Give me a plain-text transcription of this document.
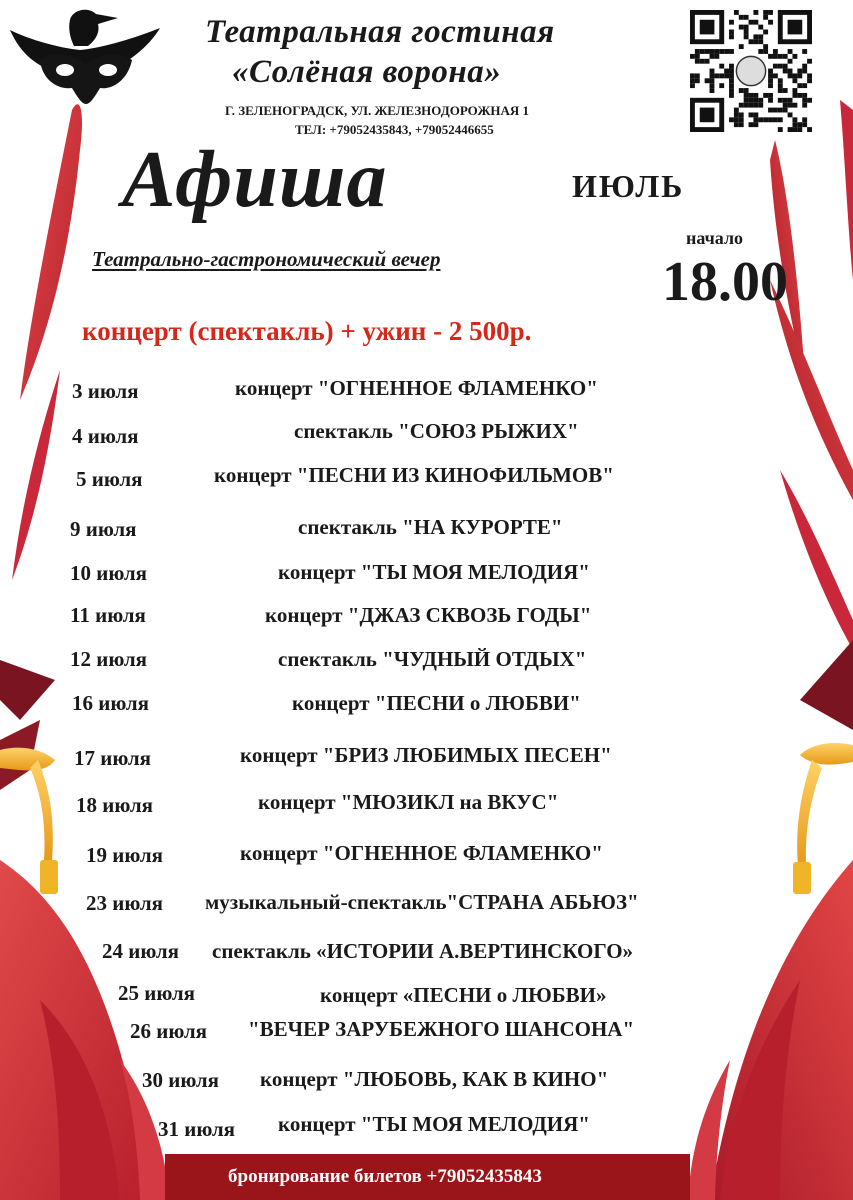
Театральная гостиная
«Солёная ворона»
Г. ЗЕЛЕНОГРАДСК, УЛ. ЖЕЛЕЗНОДОРОЖНАЯ 1
ТЕЛ: +79052435843, +79052446655
Афиша	ИЮЛЬ
Театрально-гастрономический вечер
начало
18.00
концерт (спектакль) + ужин - 2 500р.
3 июля	концерт "ОГНЕННОЕ ФЛАМЕНКО"
4 июля	спектакль "СОЮЗ РЫЖИХ"
5 июля	концерт "ПЕСНИ ИЗ КИНОФИЛЬМОВ"
9 июля	спектакль "НА КУРОРТЕ"
10 июля	концерт "ТЫ МОЯ МЕЛОДИЯ"
11 июля	концерт "ДЖАЗ СКВОЗЬ ГОДЫ"
12 июля	спектакль "ЧУДНЫЙ ОТДЫХ"
16 июля	концерт "ПЕСНИ о ЛЮБВИ"
17 июля	концерт "БРИЗ ЛЮБИМЫХ ПЕСЕН"
18 июля	концерт "МЮЗИКЛ на ВКУС"
19 июля	концерт "ОГНЕННОЕ ФЛАМЕНКО"
23 июля музыкальный-спектакль"СТРАНА АБЬЮЗ"
24 июля спектакль «ИСТОРИИ А.ВЕРТИНСКОГО»
25 июля	концерт «ПЕСНИ о ЛЮБВИ»
26 июля "ВЕЧЕР ЗАРУБЕЖНОГО ШАНСОНА"
30 июля концерт "ЛЮБОВЬ, КАК В КИНО"
31 июля концерт "ТЫ МОЯ МЕЛОДИЯ"
бронирование билетов +79052435843
